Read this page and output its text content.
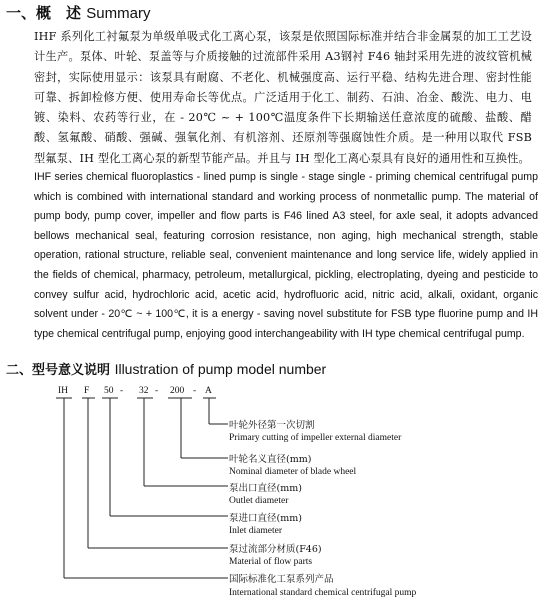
一、概　述 Summary
IHF 系列化工衬氟泵为单级单吸式化工离心泵，该泵是依照国际标准并结合非金属泵的加工工艺设计生产。泵体、叶轮、泵盖等与介质接触的过流部件采用 A3钢衬 F46 轴封采用先进的波纹管机械密封，实际使用显示：该泵具有耐腐、不老化、机械强度高、运行平稳、结构先进合理、密封性能可靠、拆卸检修方便、使用寿命长等优点。广泛适用于化工、制药、石油、冶金、酸洗、电力、电镀、染料、农药等行业，在 - 20℃ ~ + 100℃温度条件下长期输送任意浓度的硫酸、盐酸、醋酸、氢氟酸、硝酸、强碱、强氧化剂、有机溶剂、还原剂等强腐蚀性介质。是一种用以取代 FSB 型氟泵、IH 型化工离心泵的新型节能产品。并且与 IH 型化工离心泵具有良好的通用性和互换性。
IHF series chemical fluoroplastics - lined pump is single - stage single - priming chemical centrifugal pump which is combined with international standard and working process of nonmetallic pump. The material of pump body, pump cover, impeller and flow parts is F46 lined A3 steel, for axle seal, it adopts advanced bellows mechanical seal, featuring corrosion resistance, non aging, high mechanical strength, stable operation, rational structure, reliable seal, convenient maintenance and long service life, widely applied in the fields of chemical, pharmacy, petroleum, metallurgical, pickling, electroplating, dyeing and pesticide to convey sulfur acid, hydrochloric acid, acetic acid, hydrofluoric acid, nitric acid, alkali, oxidant, organic solvent under - 20℃ ~ + 100℃, it is a energy - saving novel substitute for FSB type fluorine pump and IH type chemical centrifugal pump, enjoying good interchangeability with IH type chemical centrifugal pump.
二、型号意义说明 Illustration of pump model number
IH F 50 - 32 - 200 - A
叶轮外径第一次切割
Primary cutting of impeller external diameter
叶轮名义直径(mm)
Nominal diameter of blade wheel
泵出口直径(mm)
Outlet diameter
泵进口直径(mm)
Inlet diameter
泵过流部分材质(F46)
Material of flow parts
国际标准化工泵系列产品
International standard chemical centrifugal pump
